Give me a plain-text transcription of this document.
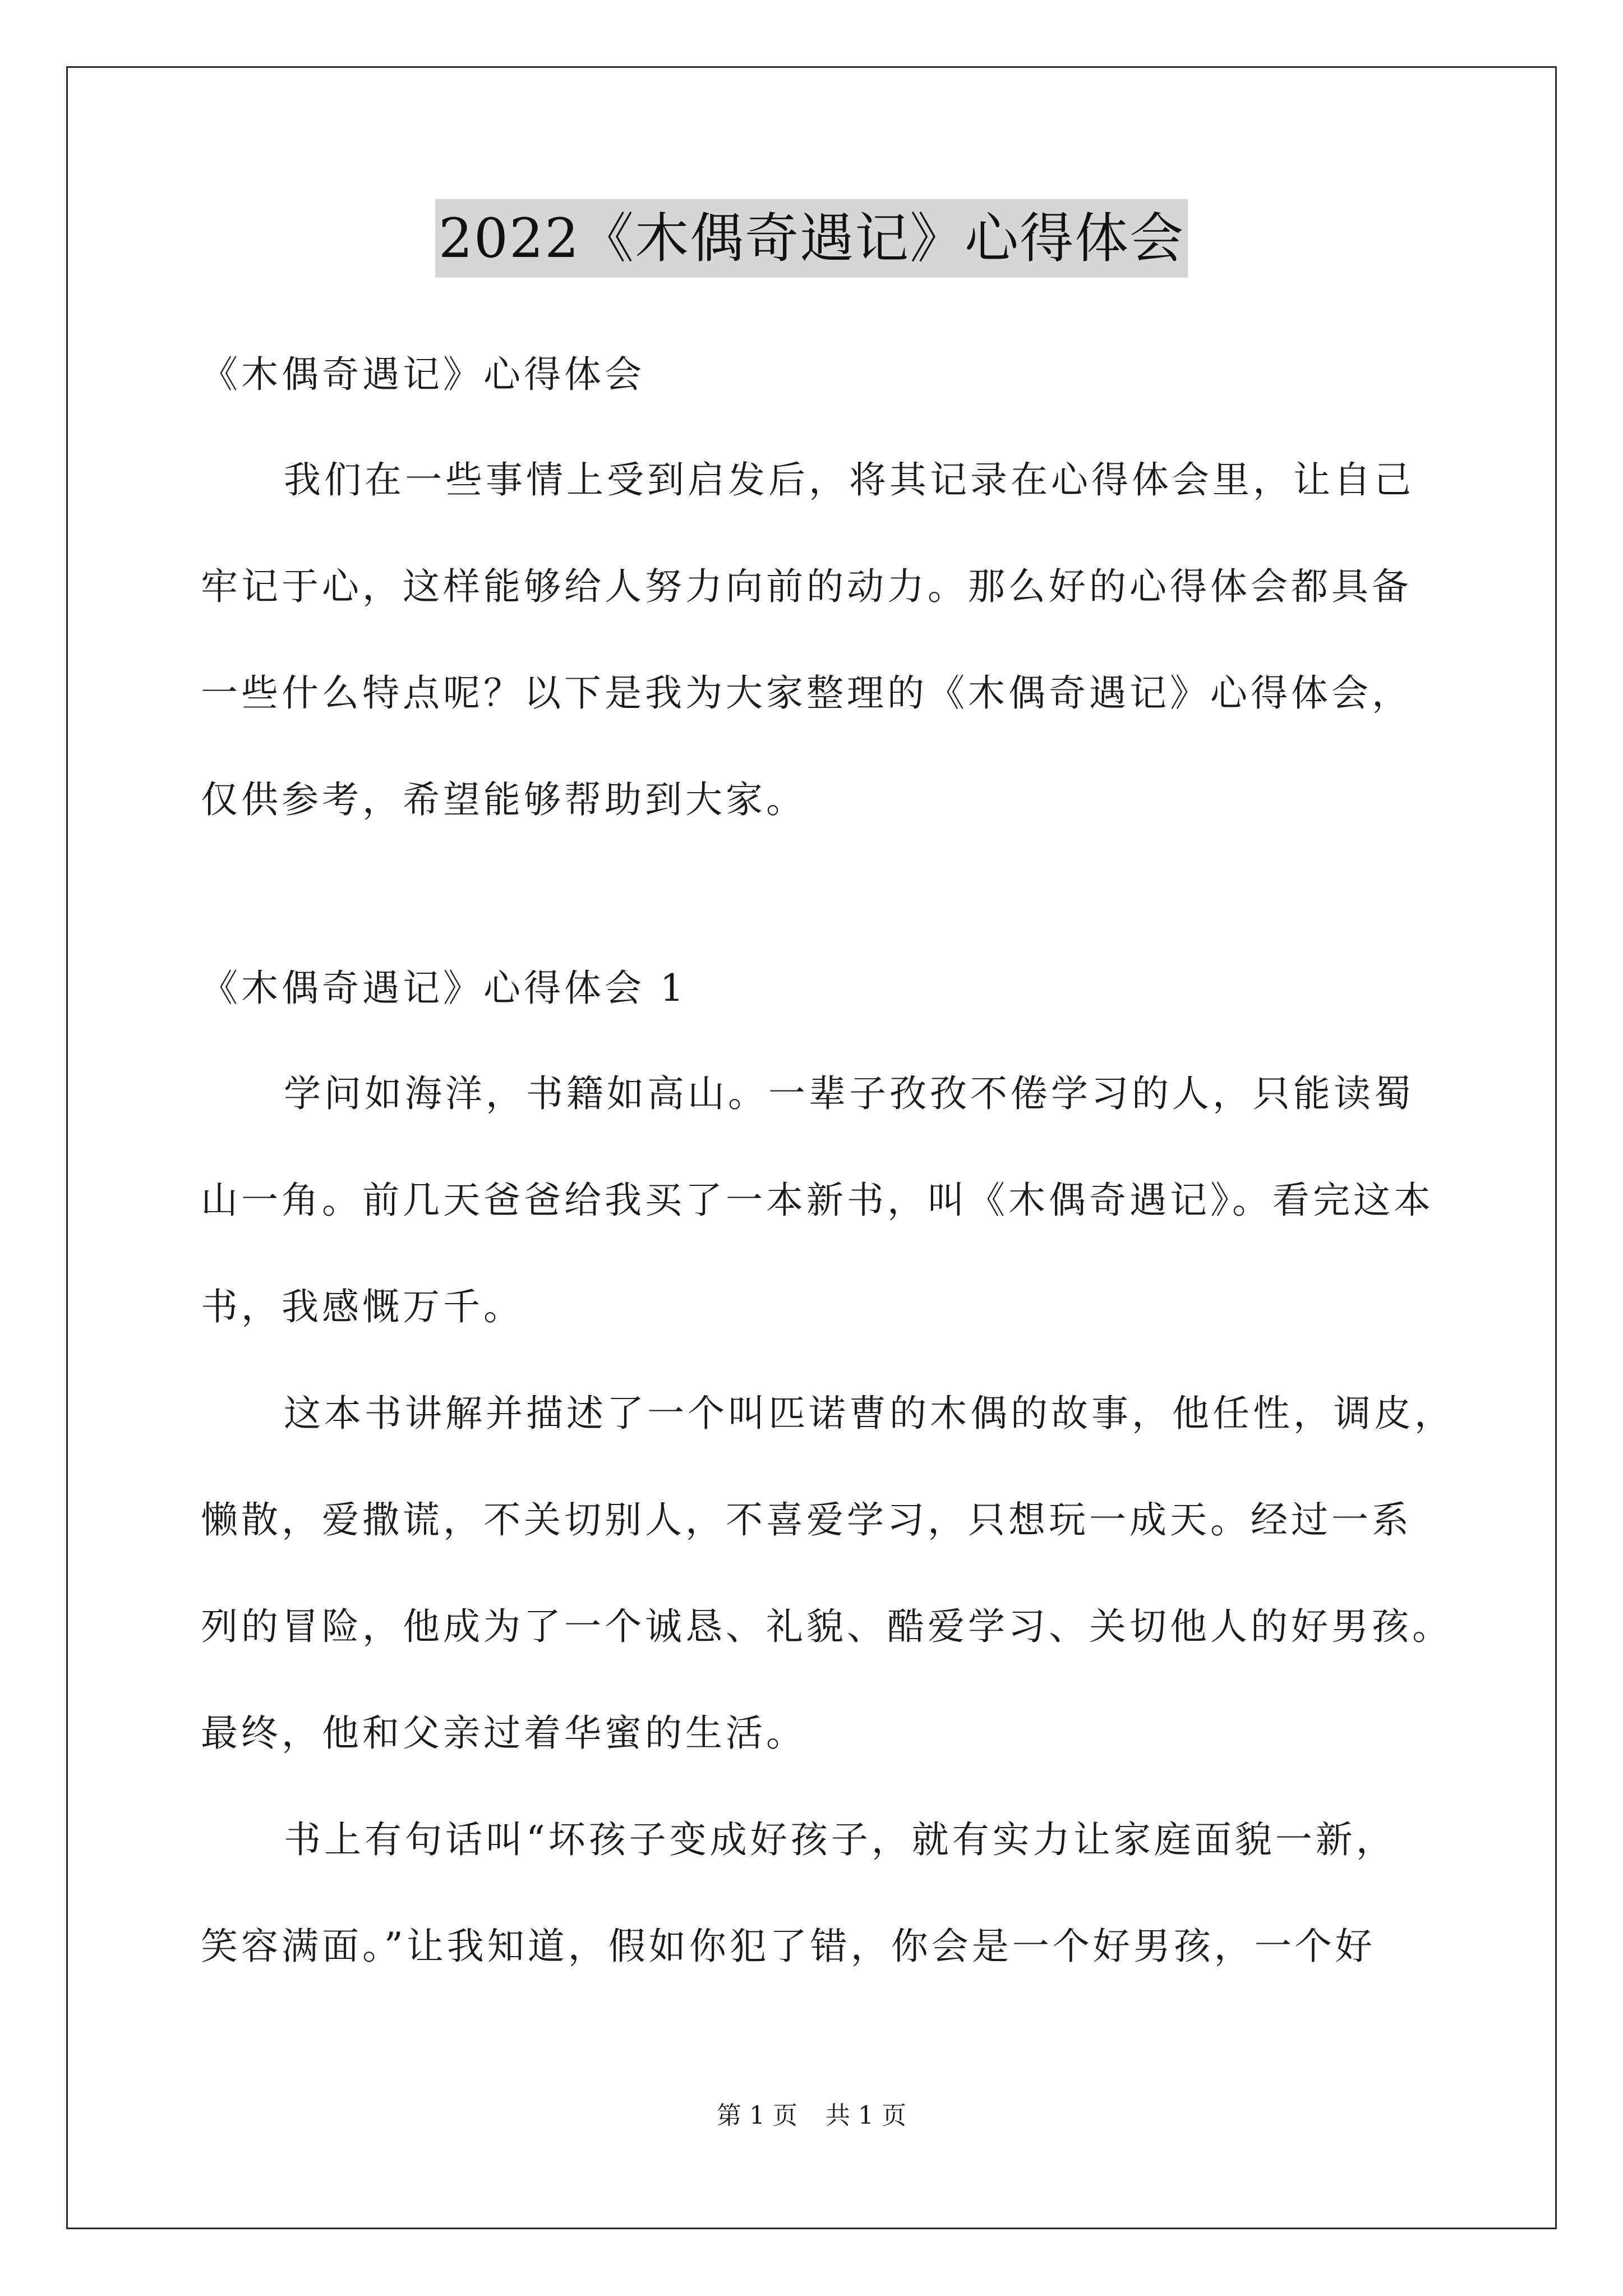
2022《木偶奇遇记》心得体会

《木偶奇遇记》心得体会

我们在一些事情上受到启发后，将其记录在心得体会里，让自己

牢记于心，这样能够给人努力向前的动力。那么好的心得体会都具备

一些什么特点呢？以下是我为大家整理的《木偶奇遇记》心得体会，

仅供参考，希望能够帮助到大家。

《木偶奇遇记》心得体会 1

学问如海洋，书籍如高山。一辈子孜孜不倦学习的人，只能读蜀

山一角。前几天爸爸给我买了一本新书，叫《木偶奇遇记》。看完这本

书，我感慨万千。

这本书讲解并描述了一个叫匹诺曹的木偶的故事，他任性，调皮，

懒散，爱撒谎，不关切别人，不喜爱学习，只想玩一成天。经过一系

列的冒险，他成为了一个诚恳、礼貌、酷爱学习、关切他人的好男孩。

最终，他和父亲过着华蜜的生活。

书上有句话叫“坏孩子变成好孩子，就有实力让家庭面貌一新，

笑容满面。”让我知道，假如你犯了错，你会是一个好男孩，一个好

第 1 页 共 1 页
